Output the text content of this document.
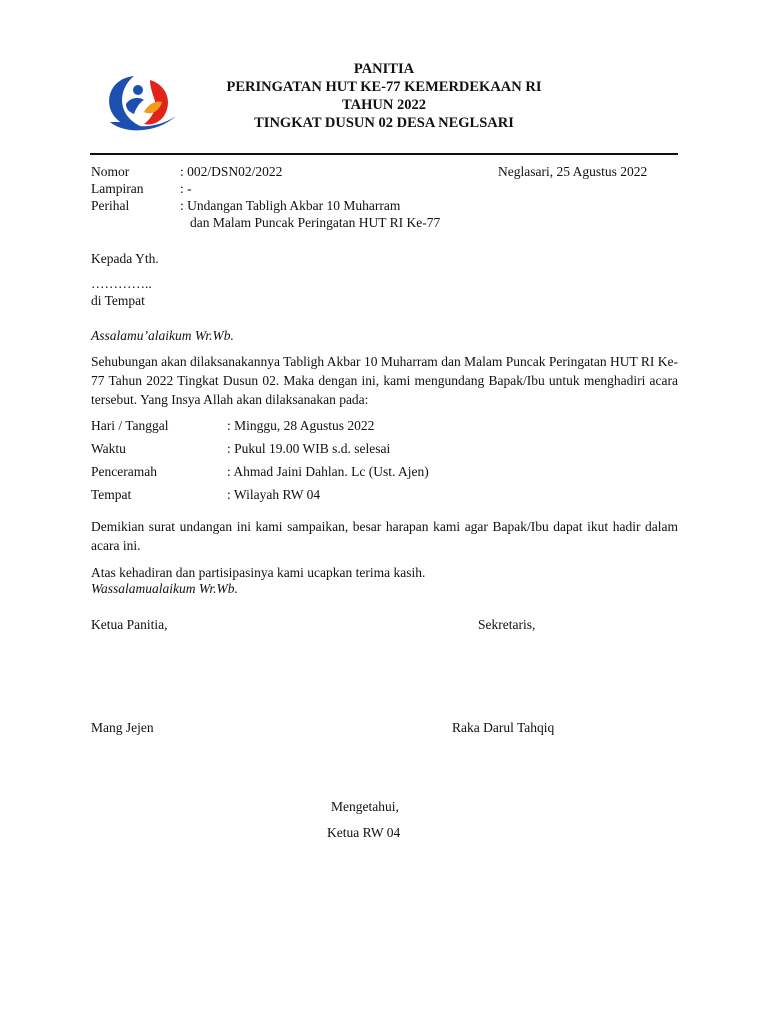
PANITIA
PERINGATAN HUT KE-77 KEMERDEKAAN RI
TAHUN 2022
TINGKAT DUSUN 02 DESA NEGLSARI
Nomor	: 002/DSN02/2022	Neglasari, 25 Agustus 2022
Lampiran	: -
Perihal	: Undangan Tabligh Akbar 10 Muharram
dan Malam Puncak Peringatan HUT RI Ke-77
Kepada Yth.
…………..
di Tempat
Assalamu’alaikum Wr.Wb.
Sehubungan akan dilaksanakannya Tabligh Akbar 10 Muharram dan Malam Puncak Peringatan HUT RI Ke-77 Tahun 2022 Tingkat Dusun 02. Maka dengan ini, kami mengundang Bapak/Ibu untuk menghadiri acara tersebut. Yang Insya Allah akan dilaksanakan pada:
Hari / Tanggal	: Minggu, 28 Agustus 2022
Waktu	: Pukul 19.00 WIB s.d. selesai
Penceramah	: Ahmad Jaini Dahlan. Lc (Ust. Ajen)
Tempat	: Wilayah RW 04
Demikian surat undangan ini kami sampaikan, besar harapan kami agar Bapak/Ibu dapat ikut hadir dalam acara ini.
Atas kehadiran dan partisipasinya kami ucapkan terima kasih.
Wassalamualaikum Wr.Wb.
Ketua Panitia,	Sekretaris,
Mang Jejen	Raka Darul Tahqiq
Mengetahui,
Ketua RW 04
